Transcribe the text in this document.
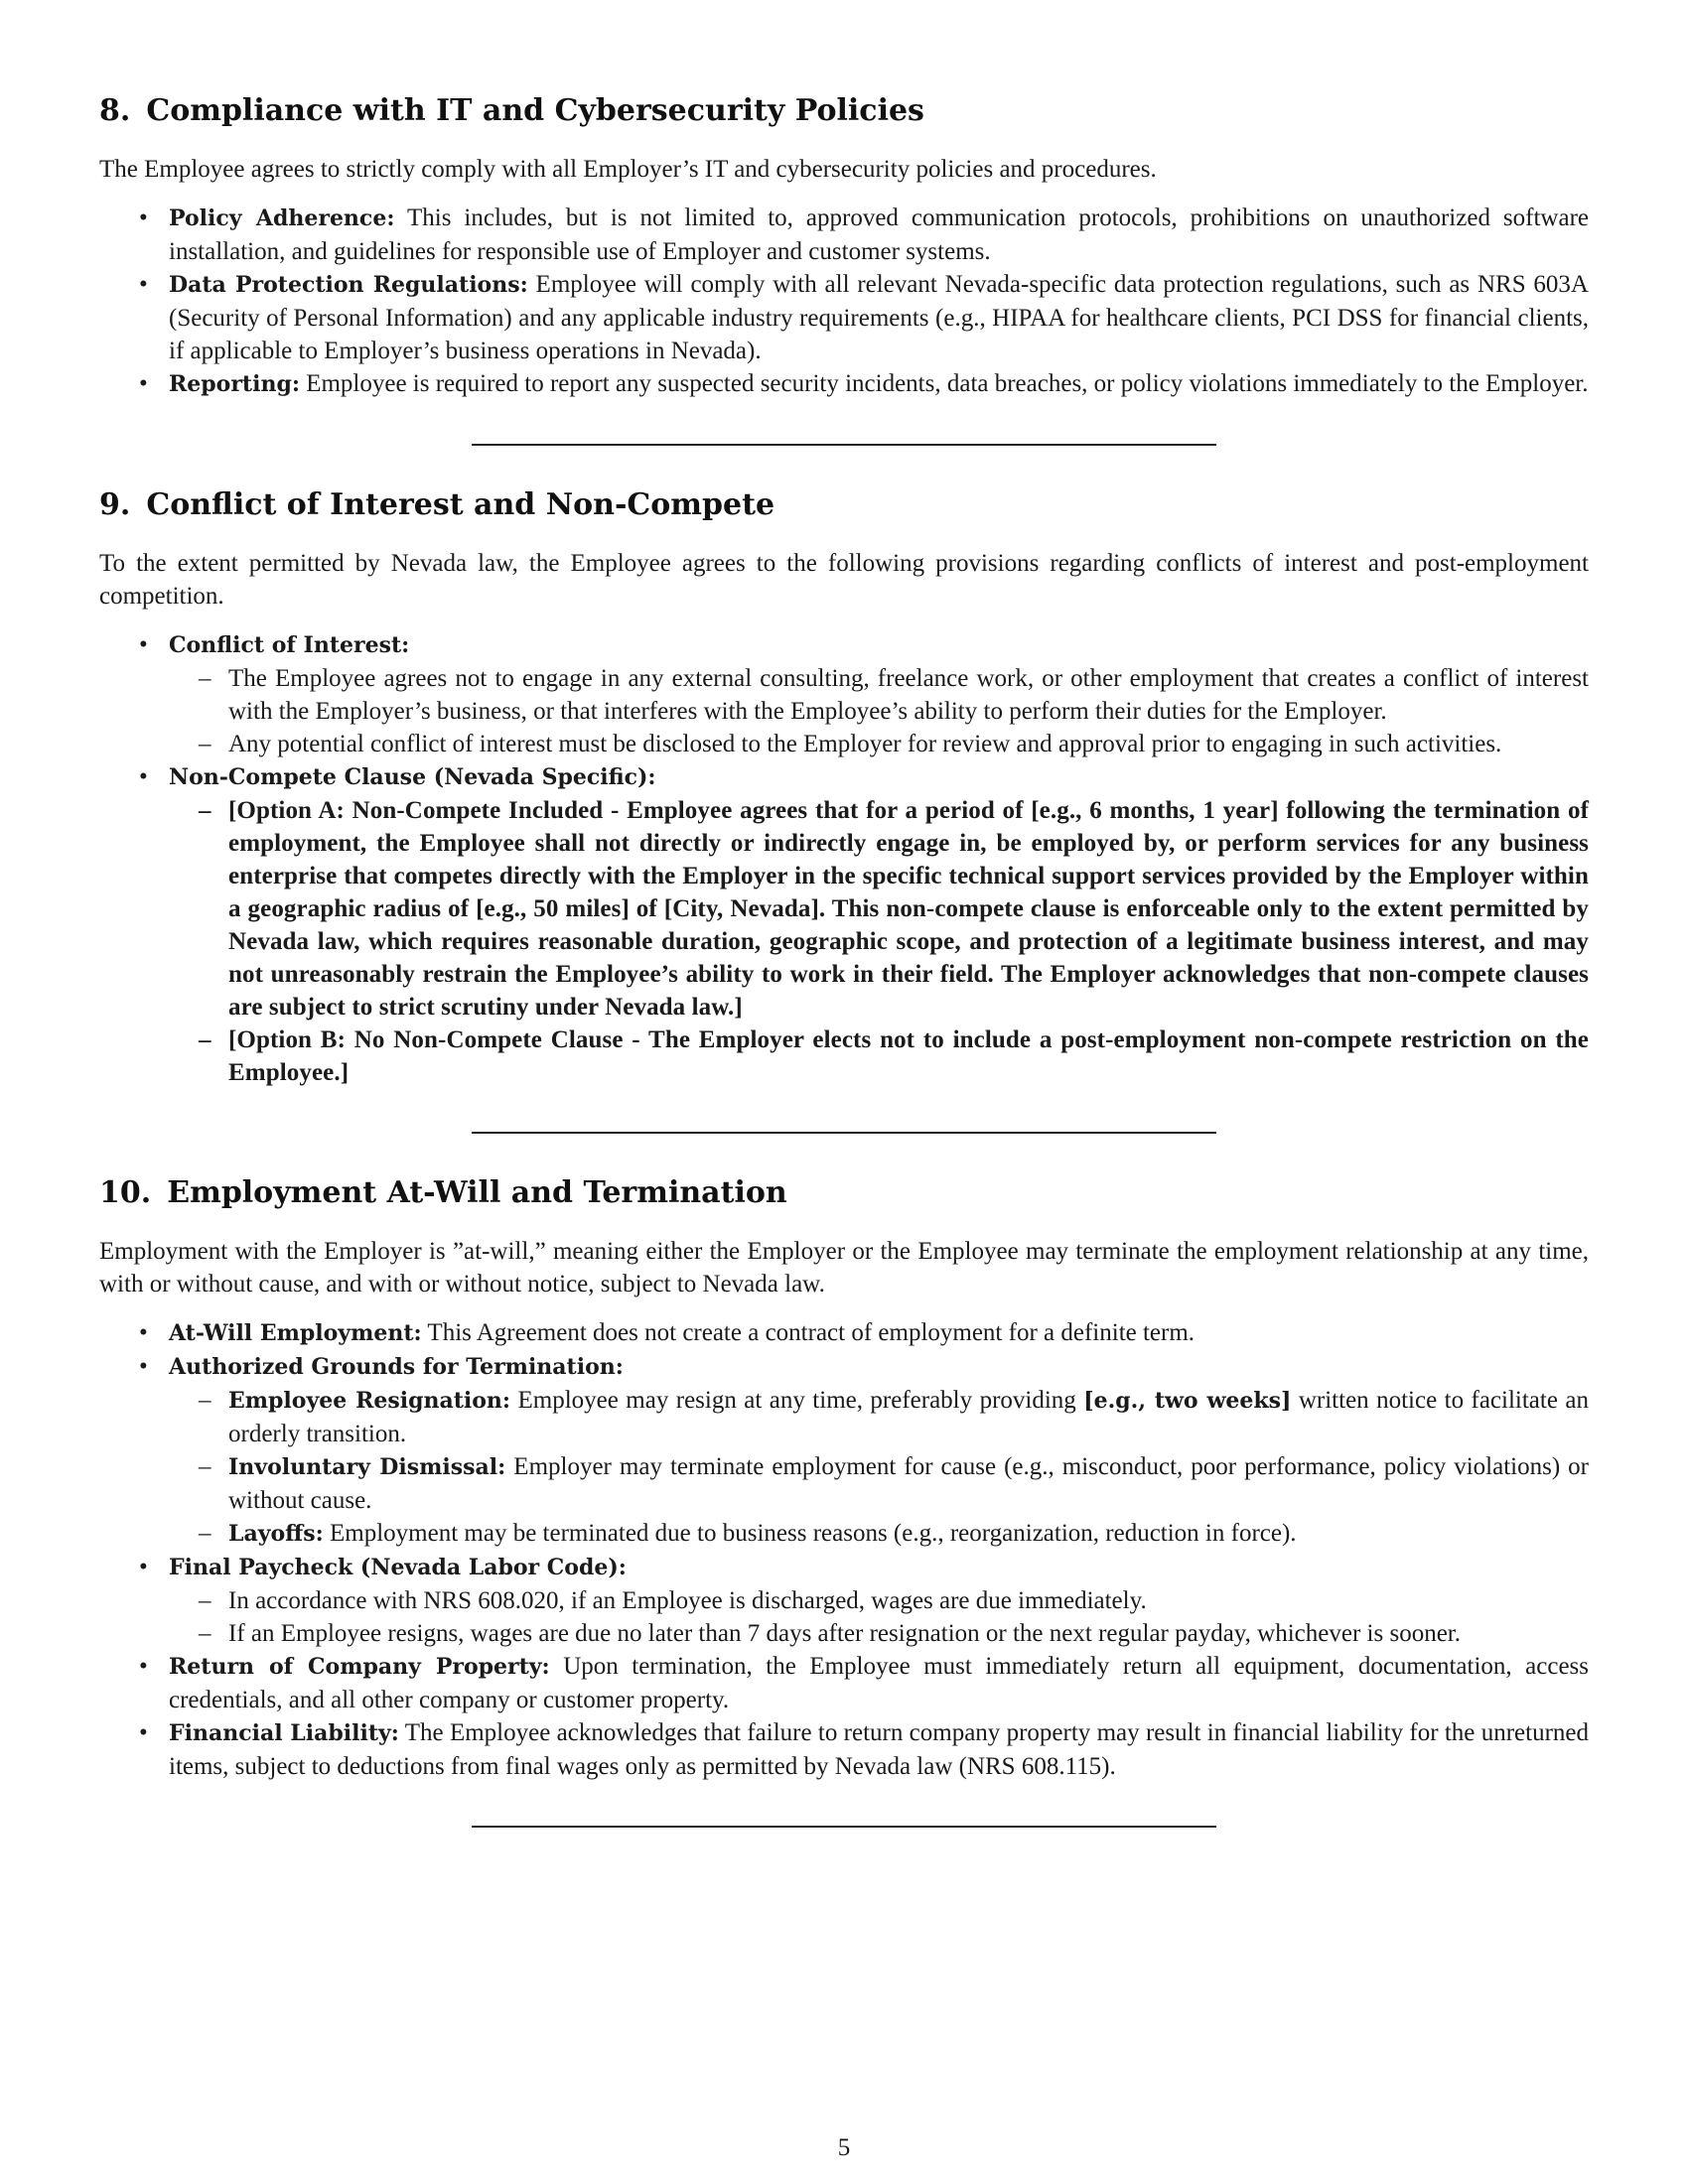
8. Compliance with IT and Cybersecurity Policies

The Employee agrees to strictly comply with all Employer’s IT and cybersecurity policies and procedures.

• Policy Adherence: This includes, but is not limited to, approved communication protocols, prohibitions on unauthorized software installation, and guidelines for responsible use of Employer and customer systems.
• Data Protection Regulations: Employee will comply with all relevant Nevada-specific data protection regulations, such as NRS 603A (Security of Personal Information) and any applicable industry requirements (e.g., HIPAA for healthcare clients, PCI DSS for financial clients, if applicable to Employer’s business operations in Nevada).
• Reporting: Employee is required to report any suspected security incidents, data breaches, or policy violations immediately to the Employer.
9. Conflict of Interest and Non-Compete

To the extent permitted by Nevada law, the Employee agrees to the following provisions regarding conflicts of interest and post-employment competition.

• Conflict of Interest:
– The Employee agrees not to engage in any external consulting, freelance work, or other employment that creates a conflict of interest with the Employer’s business, or that interferes with the Employee’s ability to perform their duties for the Employer.
– Any potential conflict of interest must be disclosed to the Employer for review and approval prior to engaging in such activities.
• Non-Compete Clause (Nevada Specific):
– [Option A: Non-Compete Included - Employee agrees that for a period of [e.g., 6 months, 1 year] following the termination of employment, the Employee shall not directly or indirectly engage in, be employed by, or perform services for any business enterprise that competes directly with the Employer in the specific technical support services provided by the Employer within a geographic radius of [e.g., 50 miles] of [City, Nevada]. This non-compete clause is enforceable only to the extent permitted by Nevada law, which requires reasonable duration, geographic scope, and protection of a legitimate business interest, and may not unreasonably restrain the Employee’s ability to work in their field. The Employer acknowledges that non-compete clauses are subject to strict scrutiny under Nevada law.]
– [Option B: No Non-Compete Clause - The Employer elects not to include a post-employment non-compete restriction on the Employee.]
10. Employment At-Will and Termination

Employment with the Employer is ”at-will,” meaning either the Employer or the Employee may terminate the employment relationship at any time, with or without cause, and with or without notice, subject to Nevada law.

• At-Will Employment: This Agreement does not create a contract of employment for a definite term.
• Authorized Grounds for Termination:
– Employee Resignation: Employee may resign at any time, preferably providing [e.g., two weeks] written notice to facilitate an orderly transition.
– Involuntary Dismissal: Employer may terminate employment for cause (e.g., misconduct, poor performance, policy violations) or without cause.
– Layoffs: Employment may be terminated due to business reasons (e.g., reorganization, reduction in force).
• Final Paycheck (Nevada Labor Code):
– In accordance with NRS 608.020, if an Employee is discharged, wages are due immediately.
– If an Employee resigns, wages are due no later than 7 days after resignation or the next regular payday, whichever is sooner.
• Return of Company Property: Upon termination, the Employee must immediately return all equipment, documentation, access credentials, and all other company or customer property.
• Financial Liability: The Employee acknowledges that failure to return company property may result in financial liability for the unreturned items, subject to deductions from final wages only as permitted by Nevada law (NRS 608.115).
5
